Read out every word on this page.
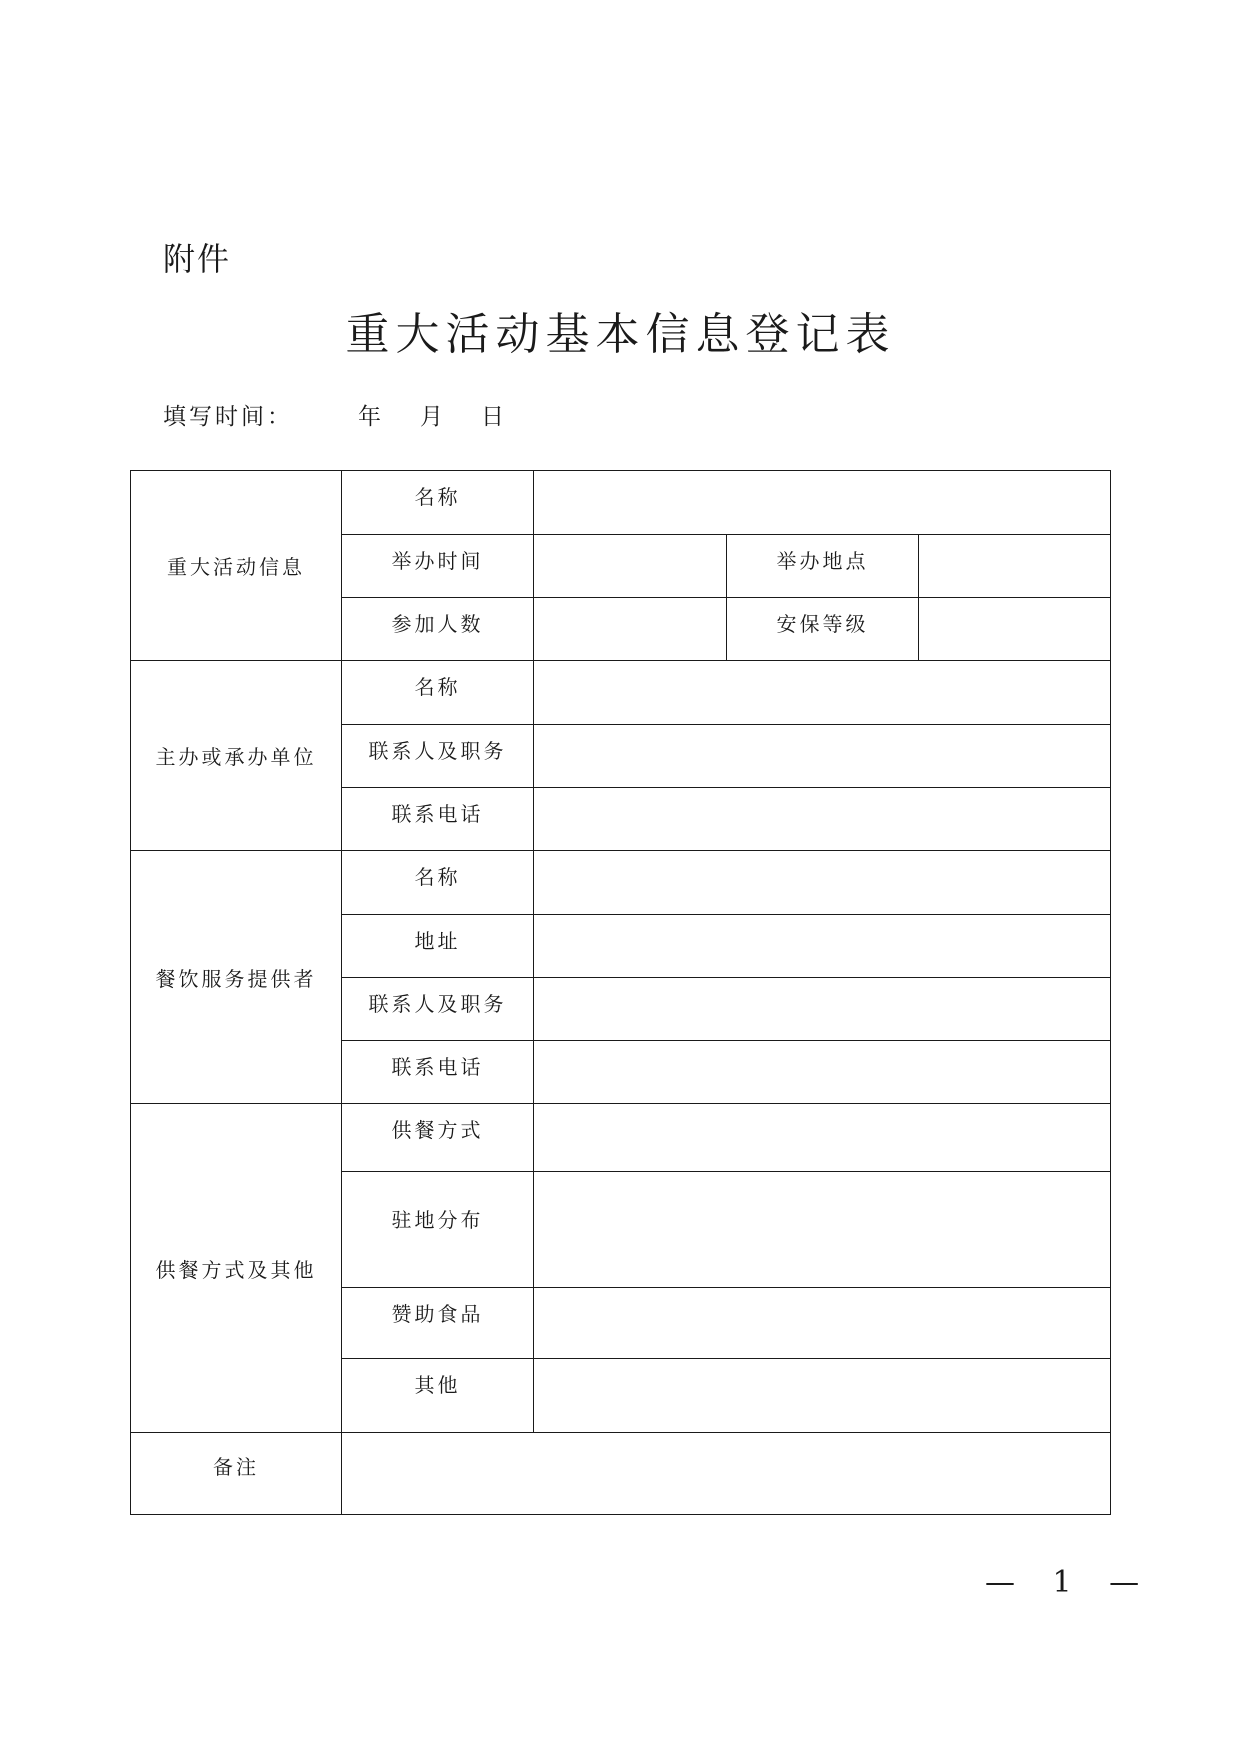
附件
重大活动基本信息登记表
填写时间：	年 月 日
重大活动信息	名称			
	举办时间		举办地点	
	参加人数		安保等级	
主办或承办单位	名称			
	联系人及职务			
	联系电话			
餐饮服务提供者	名称			
	地址			
	联系人及职务			
	联系电话			
供餐方式及其他	供餐方式			
	驻地分布			
	赞助食品			
	其他			
备注				
— 1 —
